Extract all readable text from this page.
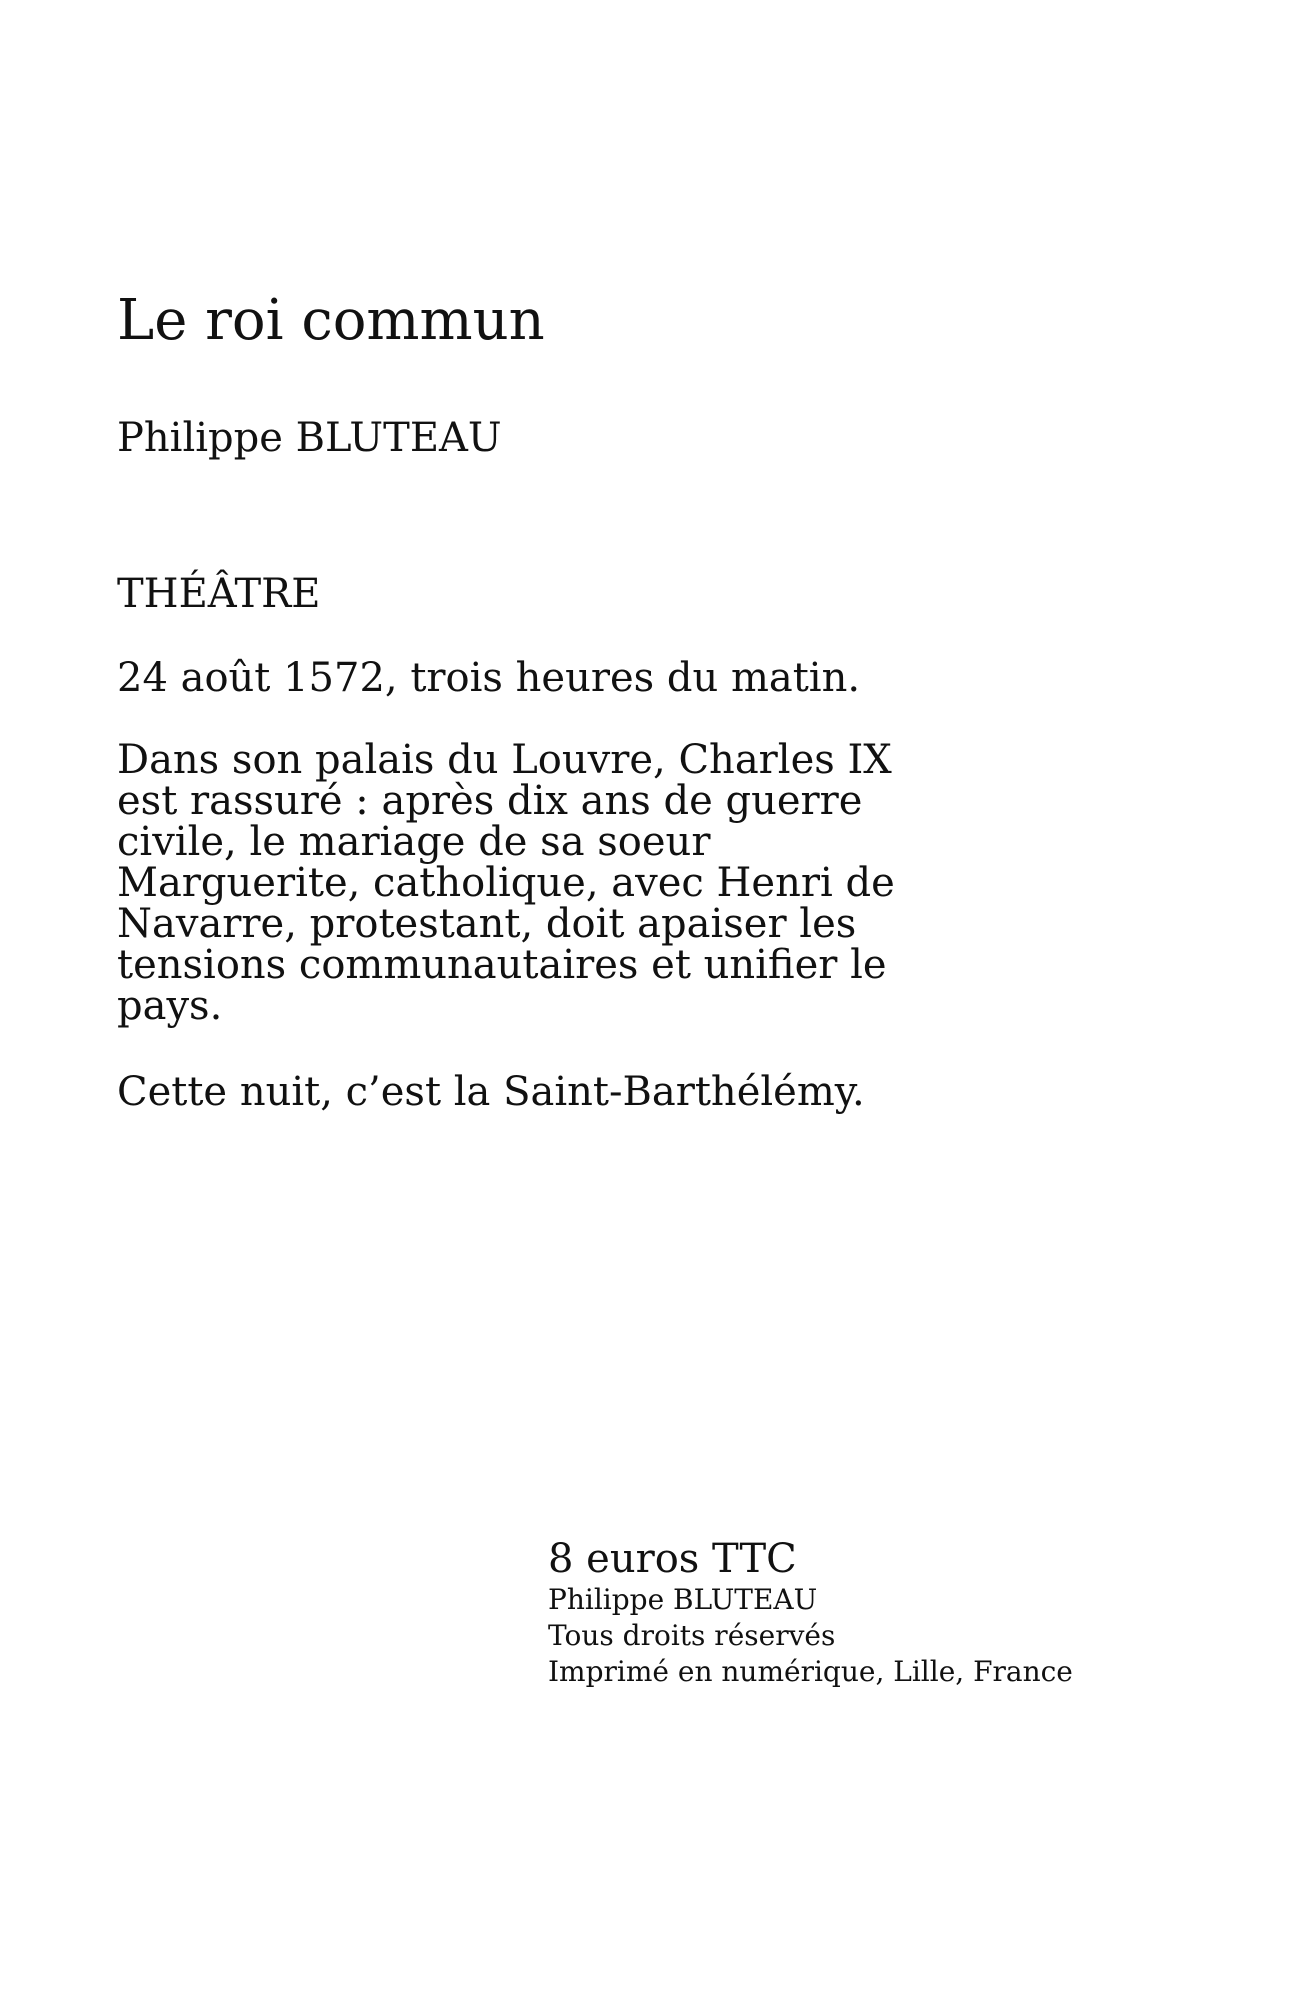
Le roi commun

Philippe BLUTEAU

THÉÂTRE

24 août 1572, trois heures du matin.

Dans son palais du Louvre, Charles IX
est rassuré : après dix ans de guerre
civile, le mariage de sa soeur
Marguerite, catholique, avec Henri de
Navarre, protestant, doit apaiser les
tensions communautaires et unifier le
pays.

Cette nuit, c’est la Saint-Barthélémy.

8 euros TTC

Philippe BLUTEAU

Tous droits réservés

Imprimé en numérique, Lille, France
